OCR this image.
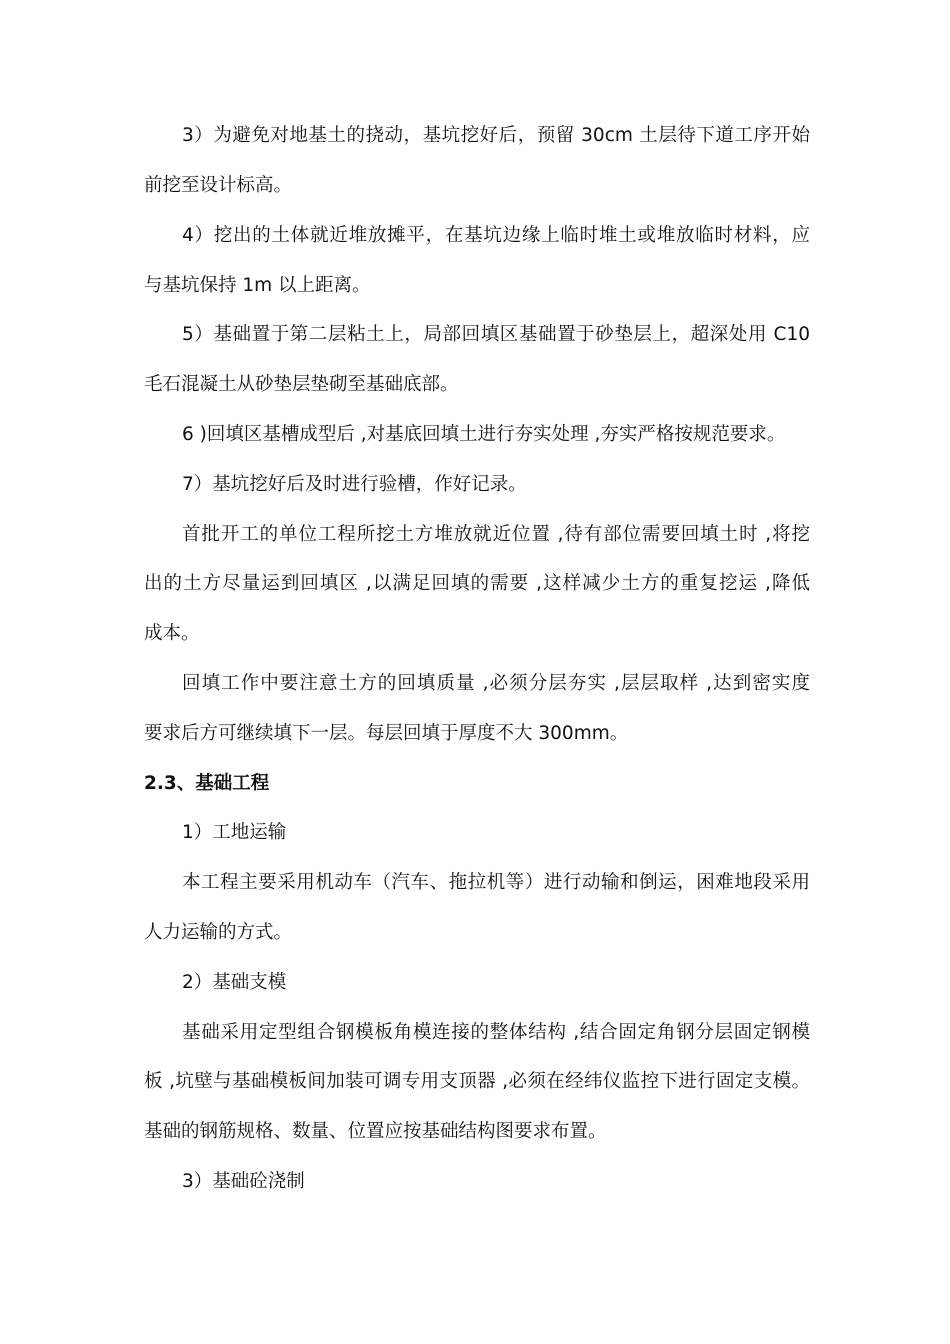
3）为避免对地基土的挠动，基坑挖好后，预留 30cm 土层待下道工序开始
前挖至设计标高。
4）挖出的土体就近堆放摊平，在基坑边缘上临时堆土或堆放临时材料，应
与基坑保持 1m 以上距离。
5）基础置于第二层粘土上，局部回填区基础置于砂垫层上，超深处用 C10
毛石混凝土从砂垫层垫砌至基础底部。
6 )回填区基槽成型后 ,对基底回填土进行夯实处理 ,夯实严格按规范要求。
7）基坑挖好后及时进行验槽，作好记录。
首批开工的单位工程所挖土方堆放就近位置 ,待有部位需要回填土时 ,将挖
出的土方尽量运到回填区 ,以满足回填的需要 ,这样减少土方的重复挖运 ,降低
成本。
回填工作中要注意土方的回填质量 ,必须分层夯实 ,层层取样 ,达到密实度
要求后方可继续填下一层。每层回填于厚度不大 300mm。
2.3、基础工程
1）工地运输
本工程主要采用机动车（汽车、拖拉机等）进行动输和倒运，困难地段采用
人力运输的方式。
2）基础支模
基础采用定型组合钢模板角模连接的整体结构 ,结合固定角钢分层固定钢模
板 ,坑壁与基础模板间加装可调专用支顶器 ,必须在经纬仪监控下进行固定支模。
基础的钢筋规格、数量、位置应按基础结构图要求布置。
3）基础砼浇制
